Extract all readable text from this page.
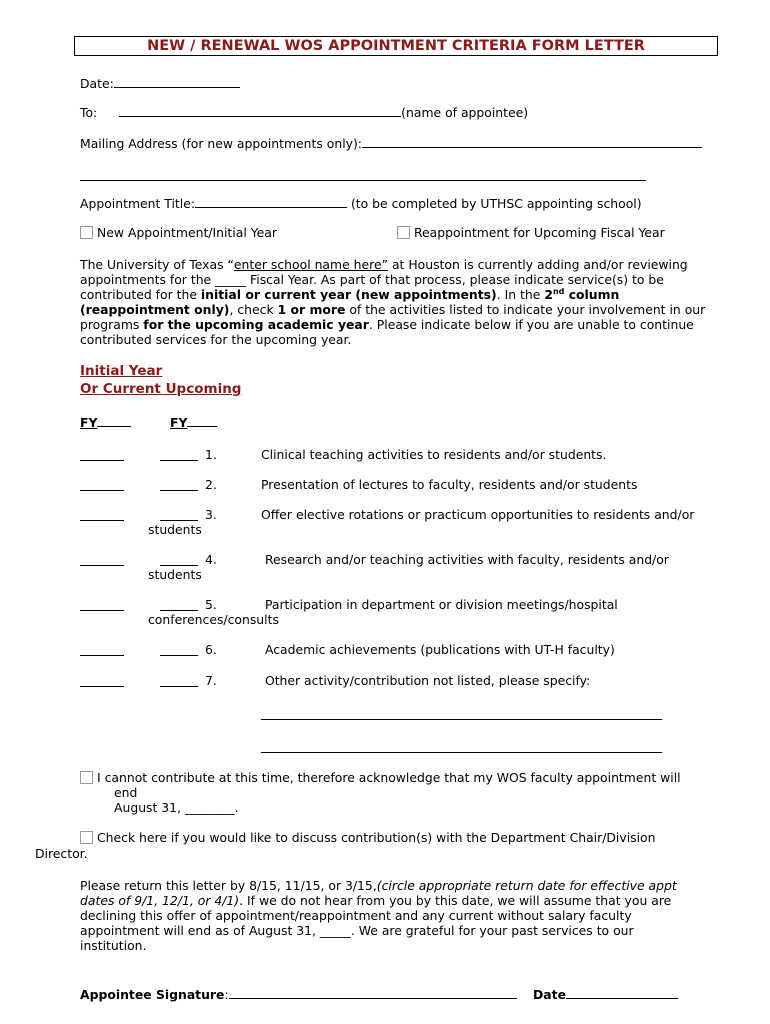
NEW / RENEWAL WOS APPOINTMENT CRITERIA FORM LETTER
Date:
To:	(name of appointee)
Mailing Address (for new appointments only):
Appointment Title:	(to be completed by UTHSC appointing school)
New Appointment/Initial Year	Reappointment for Upcoming Fiscal Year
The University of Texas “enter school name here” at Houston is currently adding and/or reviewing appointments for the _____ Fiscal Year. As part of that process, please indicate service(s) to be contributed for the initial or current year (new appointments). In the 2nd column (reappointment only), check 1 or more of the activities listed to indicate your involvement in our programs for the upcoming academic year. Please indicate below if you are unable to continue contributed services for the upcoming year.
Initial Year
Or Current Upcoming
FY	FY
1.	Clinical teaching activities to residents and/or students.
2.	Presentation of lectures to faculty, residents and/or students
3.	Offer elective rotations or practicum opportunities to residents and/or
students
4.	Research and/or teaching activities with faculty, residents and/or
students
5.	Participation in department or division meetings/hospital
conferences/consults
6.	Academic achievements (publications with UT-H faculty)
7.	Other activity/contribution not listed, please specify:
I cannot contribute at this time, therefore acknowledge that my WOS faculty appointment will
end
August 31, ________.
Check here if you would like to discuss contribution(s) with the Department Chair/Division
Director.
Please return this letter by 8/15, 11/15, or 3/15,(circle appropriate return date for effective appt dates of 9/1, 12/1, or 4/1). If we do not hear from you by this date, we will assume that you are declining this offer of appointment/reappointment and any current without salary faculty appointment will end as of August 31, _____. We are grateful for your past services to our institution.
Appointee Signature:	Date
